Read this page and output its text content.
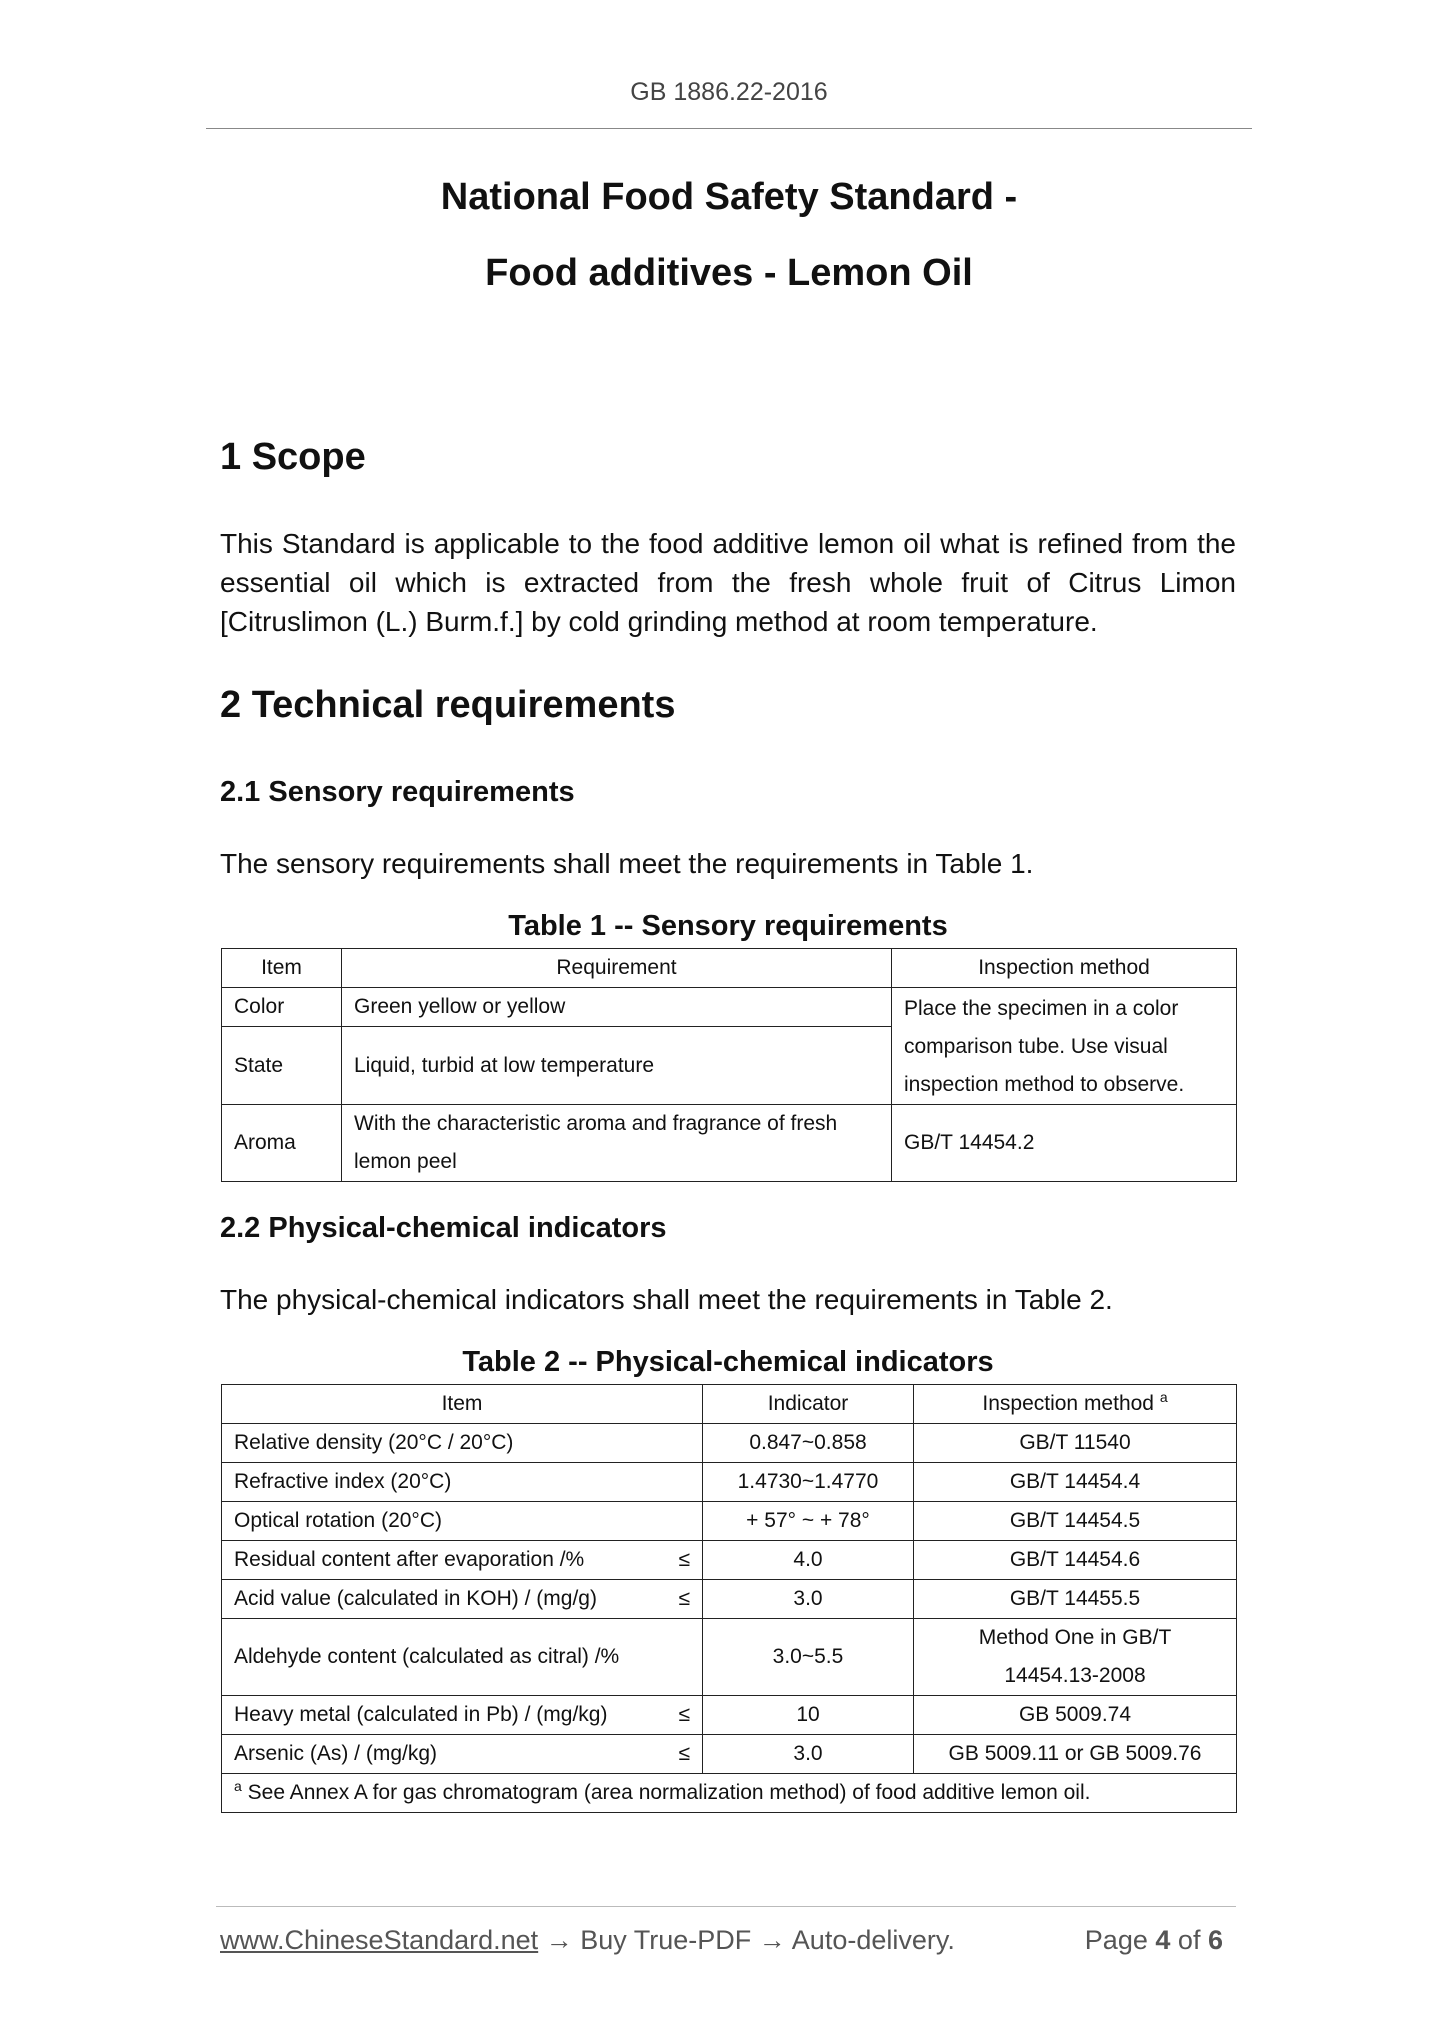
GB 1886.22-2016
National Food Safety Standard -
Food additives - Lemon Oil
1 Scope
This Standard is applicable to the food additive lemon oil what is refined from the essential oil which is extracted from the fresh whole fruit of Citrus Limon [Citruslimon (L.) Burm.f.] by cold grinding method at room temperature.
2 Technical requirements
2.1 Sensory requirements
The sensory requirements shall meet the requirements in Table 1.
Table 1 -- Sensory requirements
Item	Requirement	Inspection method
Color	Green yellow or yellow	Place the specimen in a color comparison tube. Use visual inspection method to observe.
State	Liquid, turbid at low temperature	
Aroma	With the characteristic aroma and fragrance of fresh lemon peel	GB/T 14454.2
2.2 Physical-chemical indicators
The physical-chemical indicators shall meet the requirements in Table 2.
Table 2 -- Physical-chemical indicators
Item	Indicator	Inspection method $^a$
Relative density (20°C / 20°C)	0.847~0.858	GB/T 11540
Refractive index (20°C)	1.4730~1.4770	GB/T 14454.4
Optical rotation (20°C)	+ 57° ~ + 78°	GB/T 14454.5
Residual content after evaporation /% ≤	4.0	GB/T 14454.6
Acid value (calculated in KOH) / (mg/g) ≤	3.0	GB/T 14455.5
Aldehyde content (calculated as citral) /%	3.0~5.5	Method One in GB/T 14454.13-2008
Heavy metal (calculated in Pb) / (mg/kg) ≤	10	GB 5009.74
Arsenic (As) / (mg/kg) ≤	3.0	GB 5009.11 or GB 5009.76
$^a$ See Annex A for gas chromatogram (area normalization method) of food additive lemon oil.		
www.ChineseStandard.net → Buy True-PDF → Auto-delivery.	Page 4 of 6
